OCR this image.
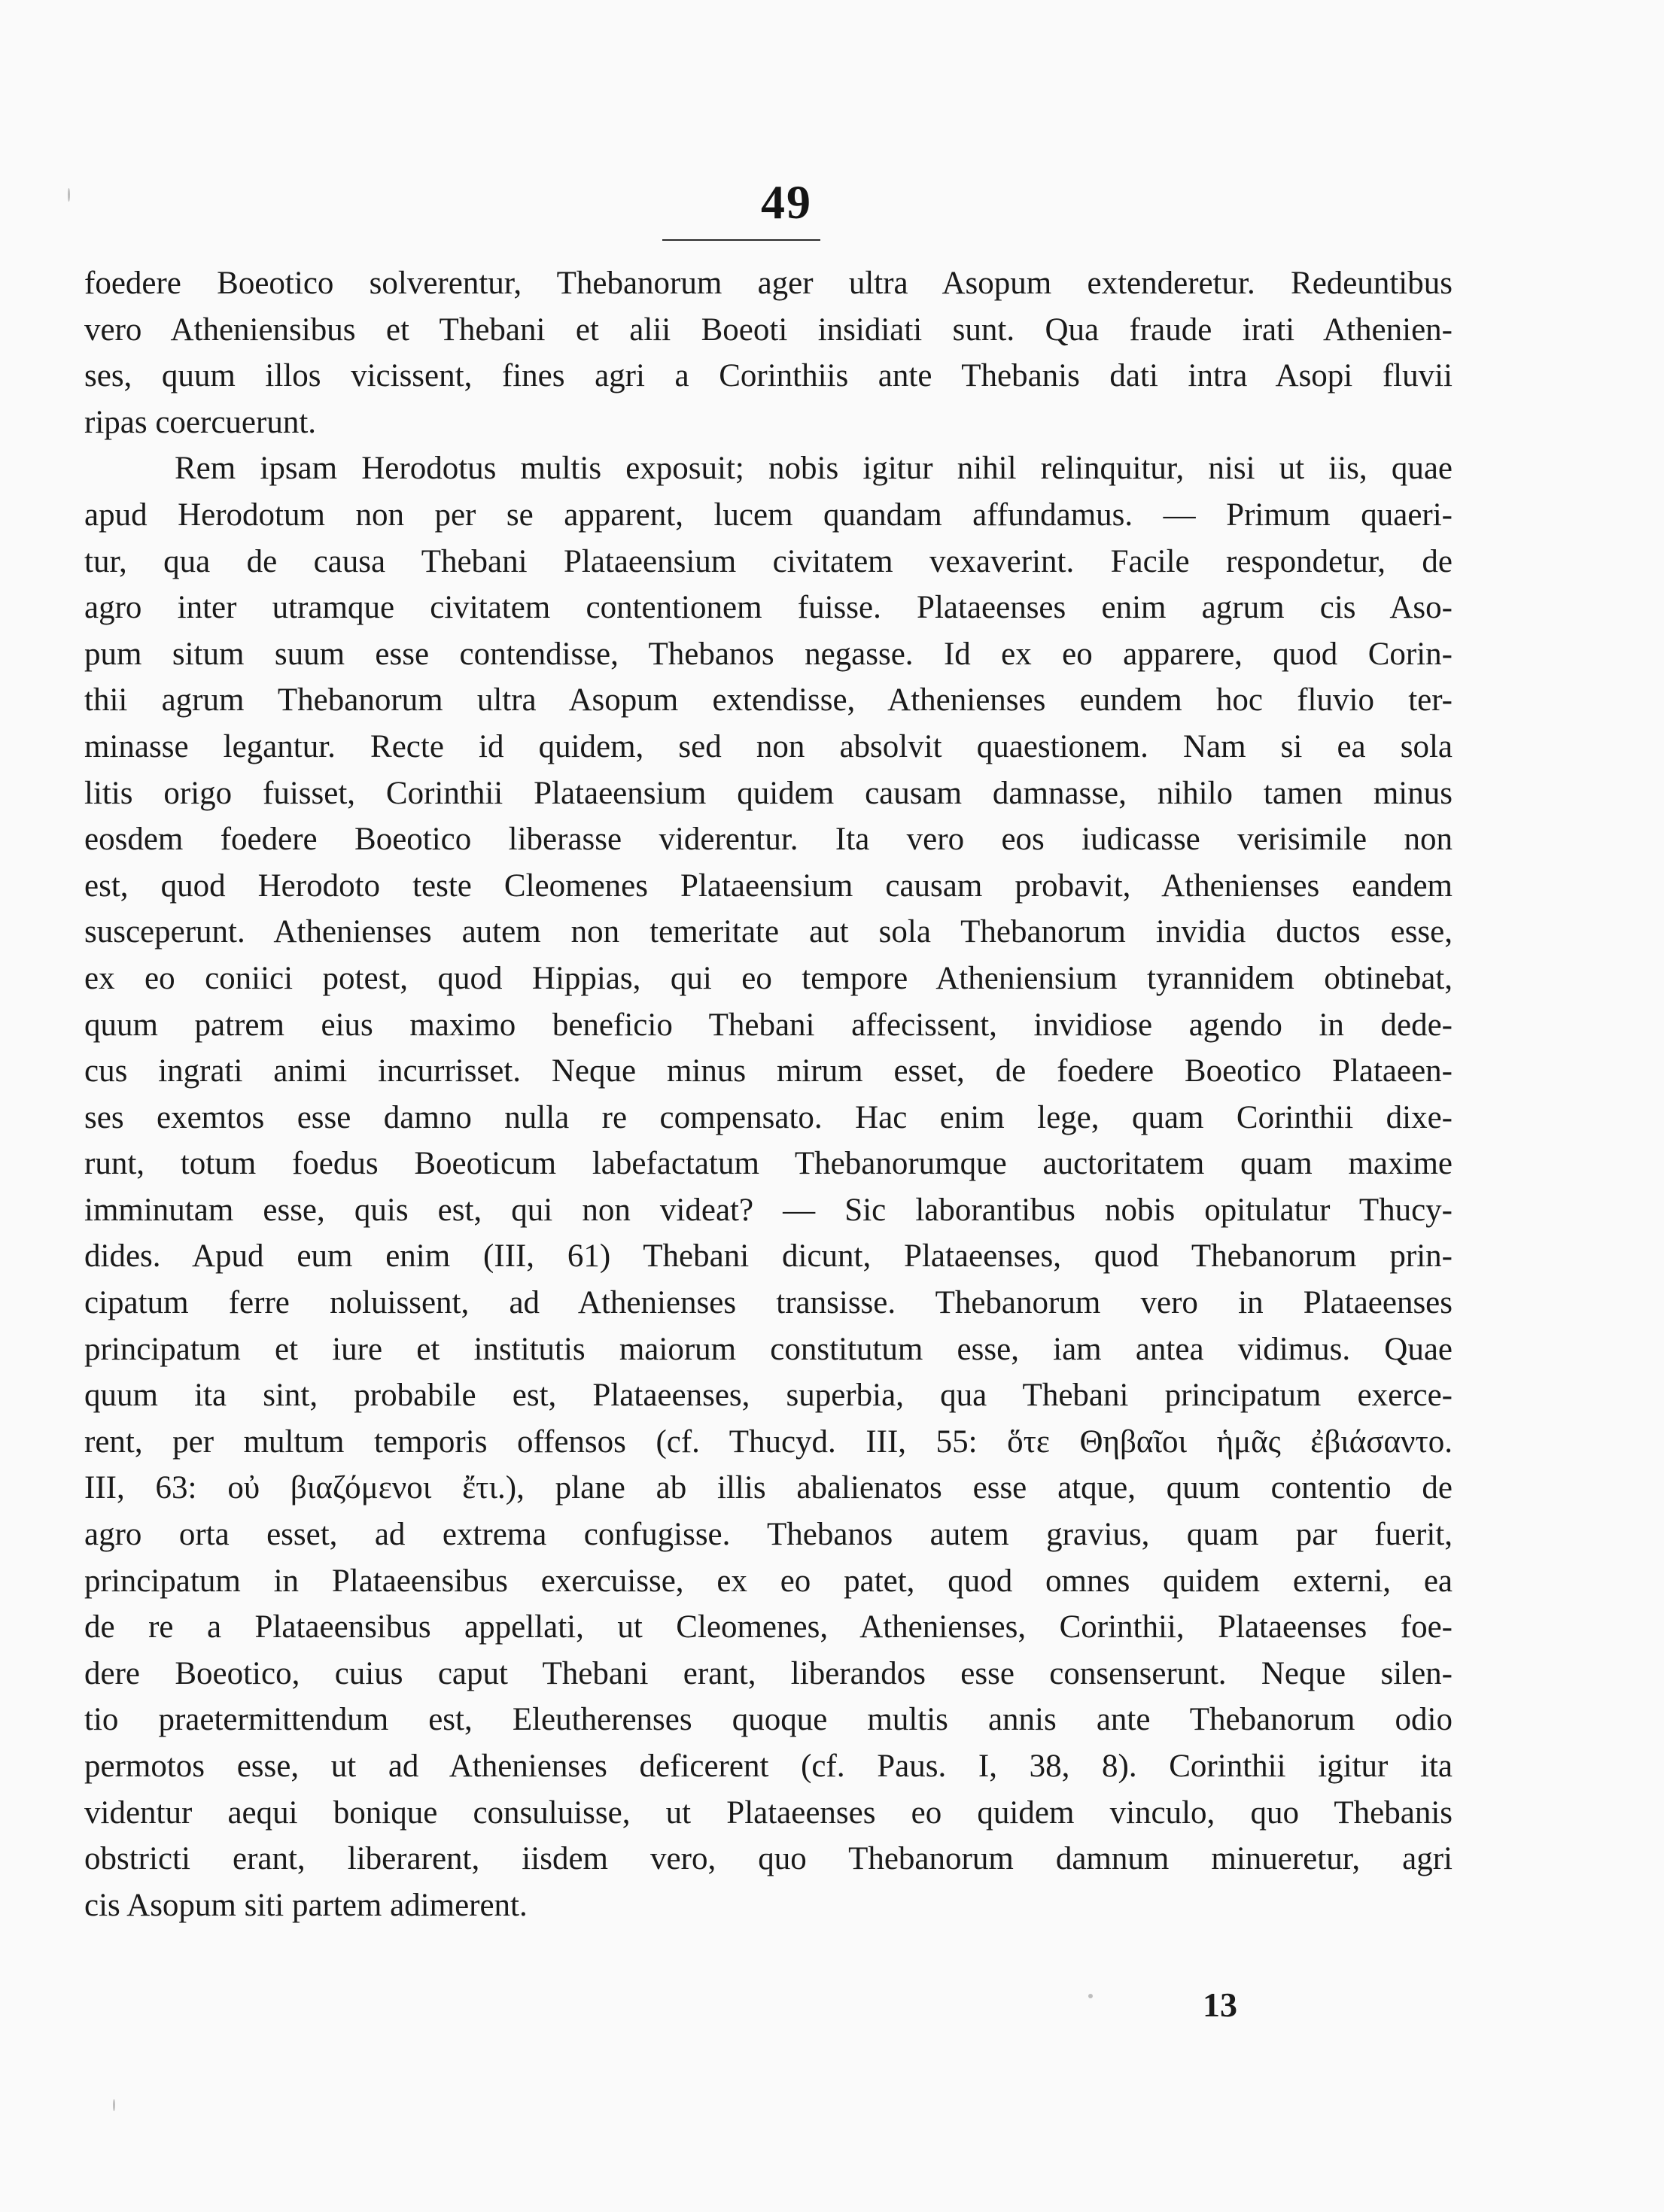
49
foedere Boeotico solverentur, Thebanorum ager ultra Asopum extenderetur. Redeuntibus
vero Atheniensibus et Thebani et alii Boeoti insidiati sunt. Qua fraude irati Athenien-
ses, quum illos vicissent, fines agri a Corinthiis ante Thebanis dati intra Asopi fluvii
ripas coercuerunt.
Rem ipsam Herodotus multis exposuit; nobis igitur nihil relinquitur, nisi ut iis, quae
apud Herodotum non per se apparent, lucem quandam affundamus. — Primum quaeri-
tur, qua de causa Thebani Plataeensium civitatem vexaverint. Facile respondetur, de
agro inter utramque civitatem contentionem fuisse. Plataeenses enim agrum cis Aso-
pum situm suum esse contendisse, Thebanos negasse. Id ex eo apparere, quod Corin-
thii agrum Thebanorum ultra Asopum extendisse, Athenienses eundem hoc fluvio ter-
minasse legantur. Recte id quidem, sed non absolvit quaestionem. Nam si ea sola
litis origo fuisset, Corinthii Plataeensium quidem causam damnasse, nihilo tamen minus
eosdem foedere Boeotico liberasse viderentur. Ita vero eos iudicasse verisimile non
est, quod Herodoto teste Cleomenes Plataeensium causam probavit, Athenienses eandem
susceperunt. Athenienses autem non temeritate aut sola Thebanorum invidia ductos esse,
ex eo coniici potest, quod Hippias, qui eo tempore Atheniensium tyrannidem obtinebat,
quum patrem eius maximo beneficio Thebani affecissent, invidiose agendo in dede-
cus ingrati animi incurrisset. Neque minus mirum esset, de foedere Boeotico Plataeen-
ses exemtos esse damno nulla re compensato. Hac enim lege, quam Corinthii dixe-
runt, totum foedus Boeoticum labefactatum Thebanorumque auctoritatem quam maxime
imminutam esse, quis est, qui non videat? — Sic laborantibus nobis opitulatur Thucy-
dides. Apud eum enim (III, 61) Thebani dicunt, Plataeenses, quod Thebanorum prin-
cipatum ferre noluissent, ad Athenienses transisse. Thebanorum vero in Plataeenses
principatum et iure et institutis maiorum constitutum esse, iam antea vidimus. Quae
quum ita sint, probabile est, Plataeenses, superbia, qua Thebani principatum exerce-
rent, per multum temporis offensos (cf. Thucyd. III, 55: ὅτε Θηβαῖοι ἡμᾶς ἐβιάσαντο.
III, 63: οὐ βιαζόμενοι ἔτι.), plane ab illis abalienatos esse atque, quum contentio de
agro orta esset, ad extrema confugisse. Thebanos autem gravius, quam par fuerit,
principatum in Plataeensibus exercuisse, ex eo patet, quod omnes quidem externi, ea
de re a Plataeensibus appellati, ut Cleomenes, Athenienses, Corinthii, Plataeenses foe-
dere Boeotico, cuius caput Thebani erant, liberandos esse consenserunt. Neque silen-
tio praetermittendum est, Eleutherenses quoque multis annis ante Thebanorum odio
permotos esse, ut ad Athenienses deficerent (cf. Paus. I, 38, 8). Corinthii igitur ita
videntur aequi bonique consuluisse, ut Plataeenses eo quidem vinculo, quo Thebanis
obstricti erant, liberarent, iisdem vero, quo Thebanorum damnum minueretur, agri
cis Asopum siti partem adimerent.
13
